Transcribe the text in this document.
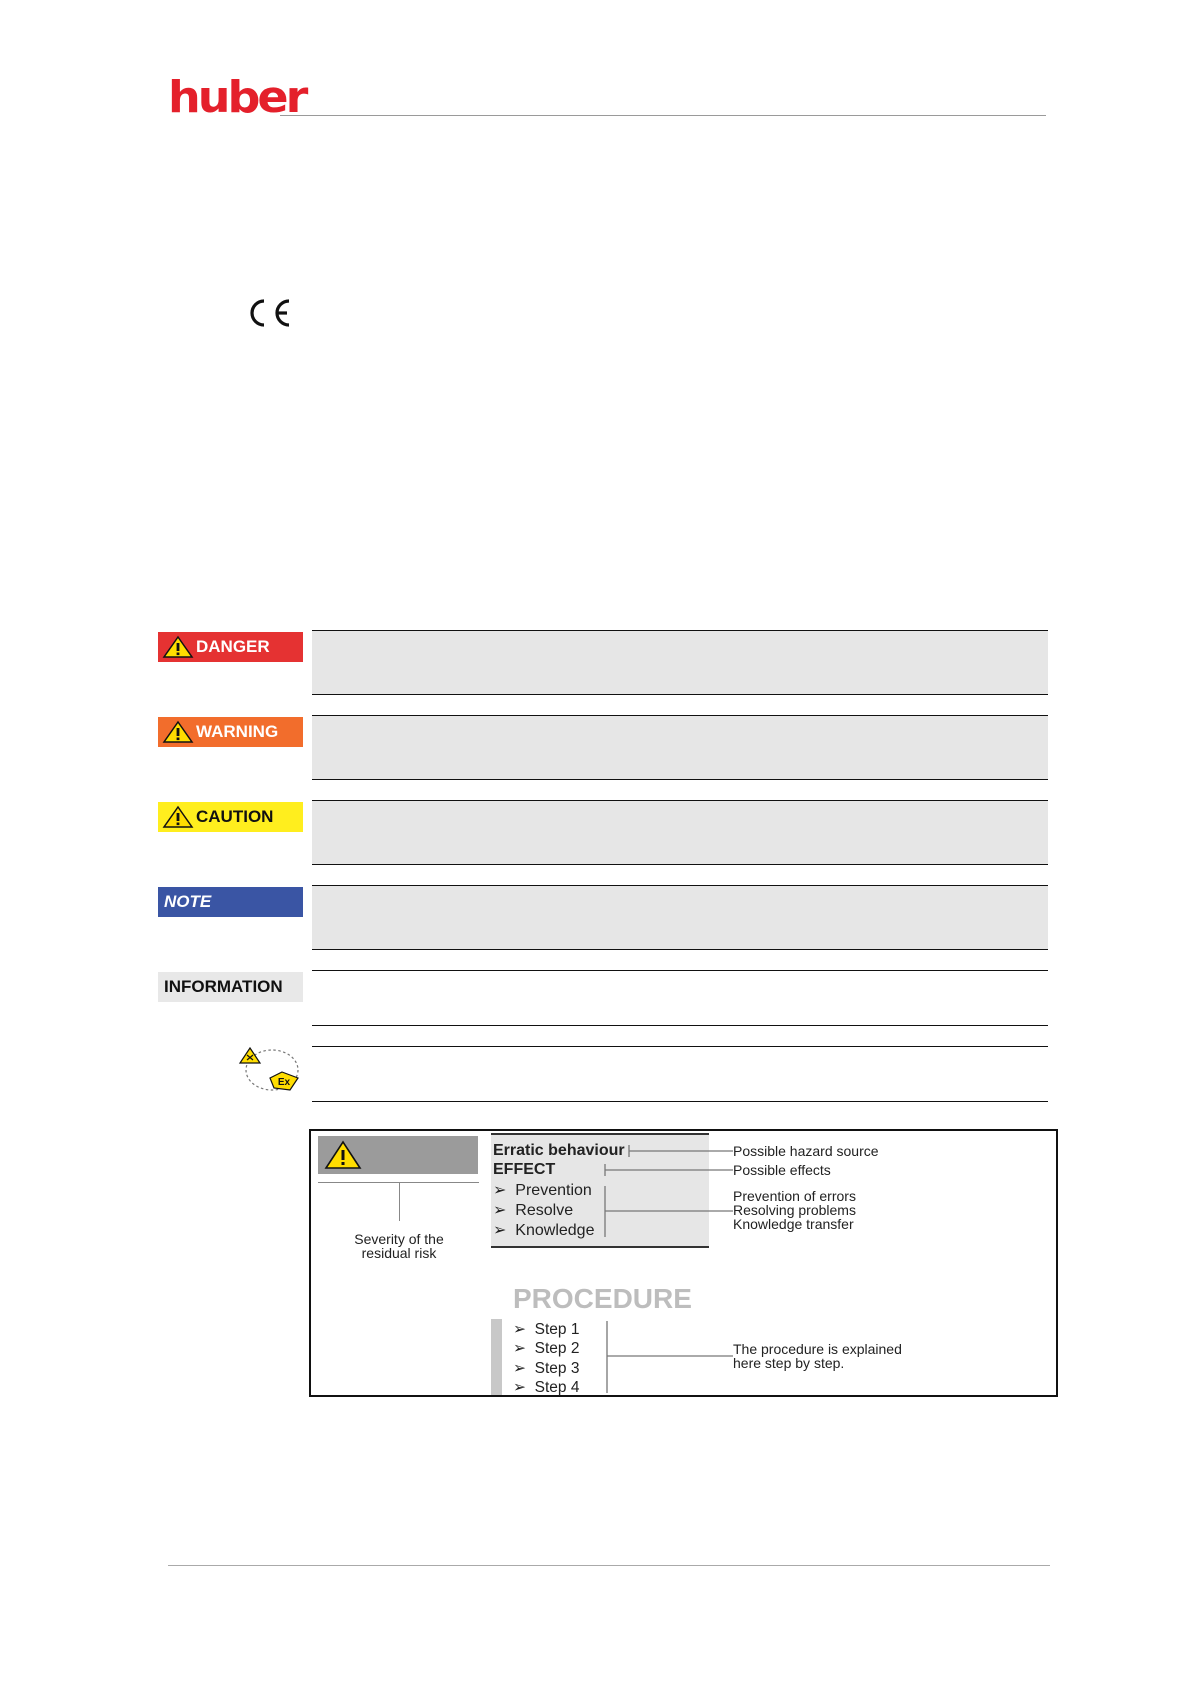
huber
DANGER
WARNING
CAUTION
NOTE
INFORMATION
Ex
Severity of the
residual risk
Erratic behaviour
EFFECT
➢ Prevention
➢ Resolve
➢ Knowledge
Possible hazard source
Possible effects
Prevention of errors
Resolving problems
Knowledge transfer
PROCEDURE
➢ Step 1
➢ Step 2
➢ Step 3
➢ Step 4
The procedure is explained
here step by step.
